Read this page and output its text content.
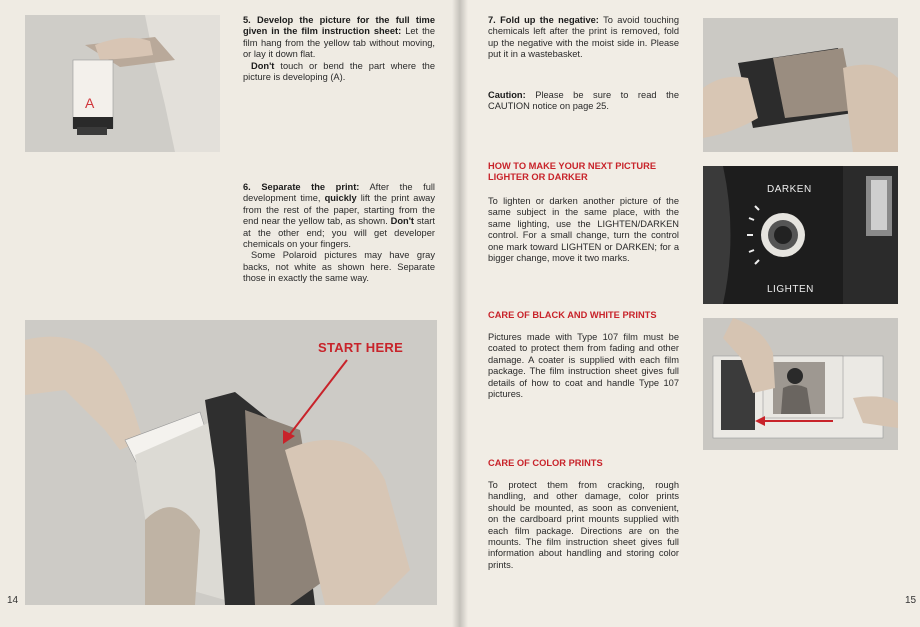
A

5. Develop the picture for the full time given in the film instruction sheet: Let the film hang from the yellow tab without moving, or lay it down flat.

Don't touch or bend the part where the picture is developing (A).

6. Separate the print: After the full development time, quickly lift the print away from the rest of the paper, starting from the end near the yellow tab, as shown. Don't start at the other end; you will get developer chemicals on your fingers.

Some Polaroid pictures may have gray backs, not white as shown here. Separate those in exactly the same way.

START HERE
14

7. Fold up the negative: To avoid touching chemicals left after the print is removed, fold up the negative with the moist side in. Please put it in a wastebasket.

Caution: Please be sure to read the CAUTION notice on page 25.

HOW TO MAKE YOUR NEXT PICTURE
LIGHTER OR DARKER
To lighten or darken another picture of the same subject in the same place, with the same lighting, use the LIGHTEN/DARKEN control. For a small change, turn the control one mark toward LIGHTEN or DARKEN; for a bigger change, move it two marks.
CARE OF BLACK AND WHITE PRINTS
Pictures made with Type 107 film must be coated to protect them from fading and other damage. A coater is supplied with each film package. The film instruction sheet gives full details of how to coat and handle Type 107 pictures.
CARE OF COLOR PRINTS
To protect them from cracking, rough handling, and other damage, color prints should be mounted, as soon as convenient, on the cardboard print mounts supplied with each film package. Directions are on the mounts. The film instruction sheet gives full information about handling and storing color prints.
DARKEN
LIGHTEN
15
